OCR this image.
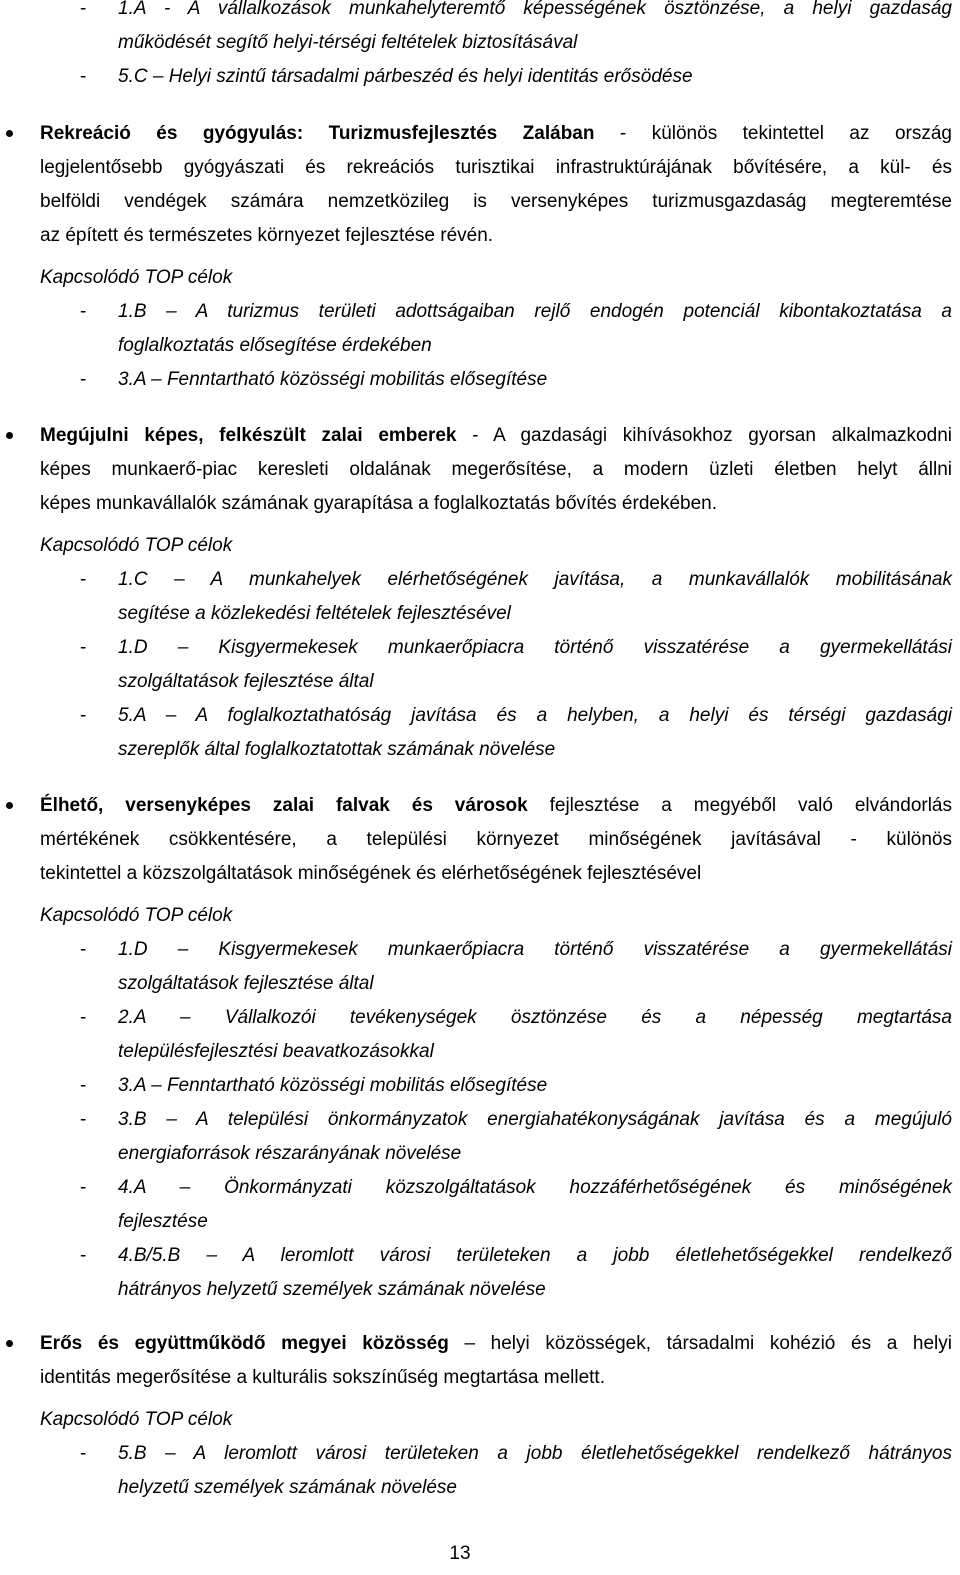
- 1.A - A vállalkozások munkahelyteremtő képességének ösztönzése, a helyi gazdaság
működését segítő helyi-térségi feltételek biztosításával
- 5.C – Helyi szintű társadalmi párbeszéd és helyi identitás erősödése
Rekreáció és gyógyulás: Turizmusfejlesztés Zalában - különös tekintettel az ország
legjelentősebb gyógyászati és rekreációs turisztikai infrastruktúrájának bővítésére, a kül- és
belföldi vendégek számára nemzetközileg is versenyképes turizmusgazdaság megteremtése
az épített és természetes környezet fejlesztése révén.
Kapcsolódó TOP célok
- 1.B – A turizmus területi adottságaiban rejlő endogén potenciál kibontakoztatása a
foglalkoztatás elősegítése érdekében
- 3.A – Fenntartható közösségi mobilitás elősegítése
Megújulni képes, felkészült zalai emberek - A gazdasági kihívásokhoz gyorsan alkalmazkodni
képes munkaerő-piac keresleti oldalának megerősítése, a modern üzleti életben helyt állni
képes munkavállalók számának gyarapítása a foglalkoztatás bővítés érdekében.
Kapcsolódó TOP célok
- 1.C – A munkahelyek elérhetőségének javítása, a munkavállalók mobilitásának
segítése a közlekedési feltételek fejlesztésével
- 1.D – Kisgyermekesek munkaerőpiacra történő visszatérése a gyermekellátási
szolgáltatások fejlesztése által
- 5.A – A foglalkoztathatóság javítása és a helyben, a helyi és térségi gazdasági
szereplők által foglalkoztatottak számának növelése
Élhető, versenyképes zalai falvak és városok fejlesztése a megyéből való elvándorlás
mértékének csökkentésére, a települési környezet minőségének javításával - különös
tekintettel a közszolgáltatások minőségének és elérhetőségének fejlesztésével
Kapcsolódó TOP célok
- 1.D – Kisgyermekesek munkaerőpiacra történő visszatérése a gyermekellátási
szolgáltatások fejlesztése által
- 2.A – Vállalkozói tevékenységek ösztönzése és a népesség megtartása
településfejlesztési beavatkozásokkal
- 3.A – Fenntartható közösségi mobilitás elősegítése
- 3.B – A települési önkormányzatok energiahatékonyságának javítása és a megújuló
energiaforrások részarányának növelése
- 4.A – Önkormányzati közszolgáltatások hozzáférhetőségének és minőségének
fejlesztése
- 4.B/5.B – A leromlott városi területeken a jobb életlehetőségekkel rendelkező
hátrányos helyzetű személyek számának növelése
Erős és együttműködő megyei közösség – helyi közösségek, társadalmi kohézió és a helyi
identitás megerősítése a kulturális sokszínűség megtartása mellett.
Kapcsolódó TOP célok
- 5.B – A leromlott városi területeken a jobb életlehetőségekkel rendelkező hátrányos
helyzetű személyek számának növelése
13
